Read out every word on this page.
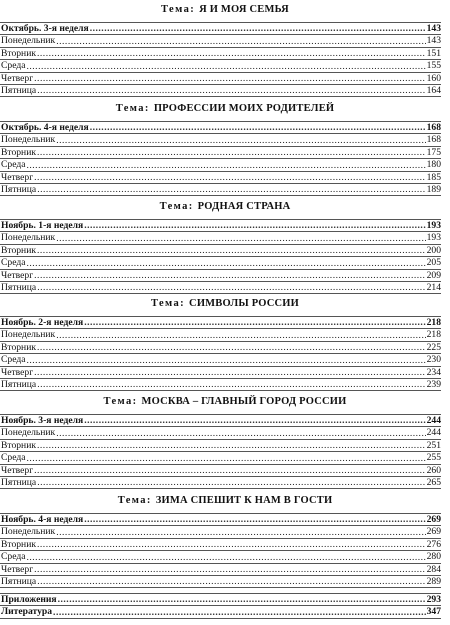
Тема: Я И МОЯ СЕМЬЯ
Октябрь. 3-я неделя .....	143
Понедельник .....	143
Вторник .....	151
Среда .....	155
Четверг .....	160
Пятница .....	164
Тема: ПРОФЕССИИ МОИХ РОДИТЕЛЕЙ
Октябрь. 4-я неделя .....	168
Понедельник .....	168
Вторник .....	175
Среда .....	180
Четверг .....	185
Пятница .....	189
Тема: РОДНАЯ СТРАНА
Ноябрь. 1-я неделя .....	193
Понедельник .....	193
Вторник .....	200
Среда .....	205
Четверг .....	209
Пятница .....	214
Тема: СИМВОЛЫ РОССИИ
Ноябрь. 2-я неделя .....	218
Понедельник .....	218
Вторник .....	225
Среда .....	230
Четверг .....	234
Пятница .....	239
Тема: МОСКВА – ГЛАВНЫЙ ГОРОД РОССИИ
Ноябрь. 3-я неделя .....	244
Понедельник .....	244
Вторник .....	251
Среда .....	255
Четверг .....	260
Пятница .....	265
Тема: ЗИМА СПЕШИТ К НАМ В ГОСТИ
Ноябрь. 4-я неделя .....	269
Понедельник .....	269
Вторник .....	276
Среда .....	280
Четверг .....	284
Пятница .....	289
Приложения .....	293
Литература .....	347
